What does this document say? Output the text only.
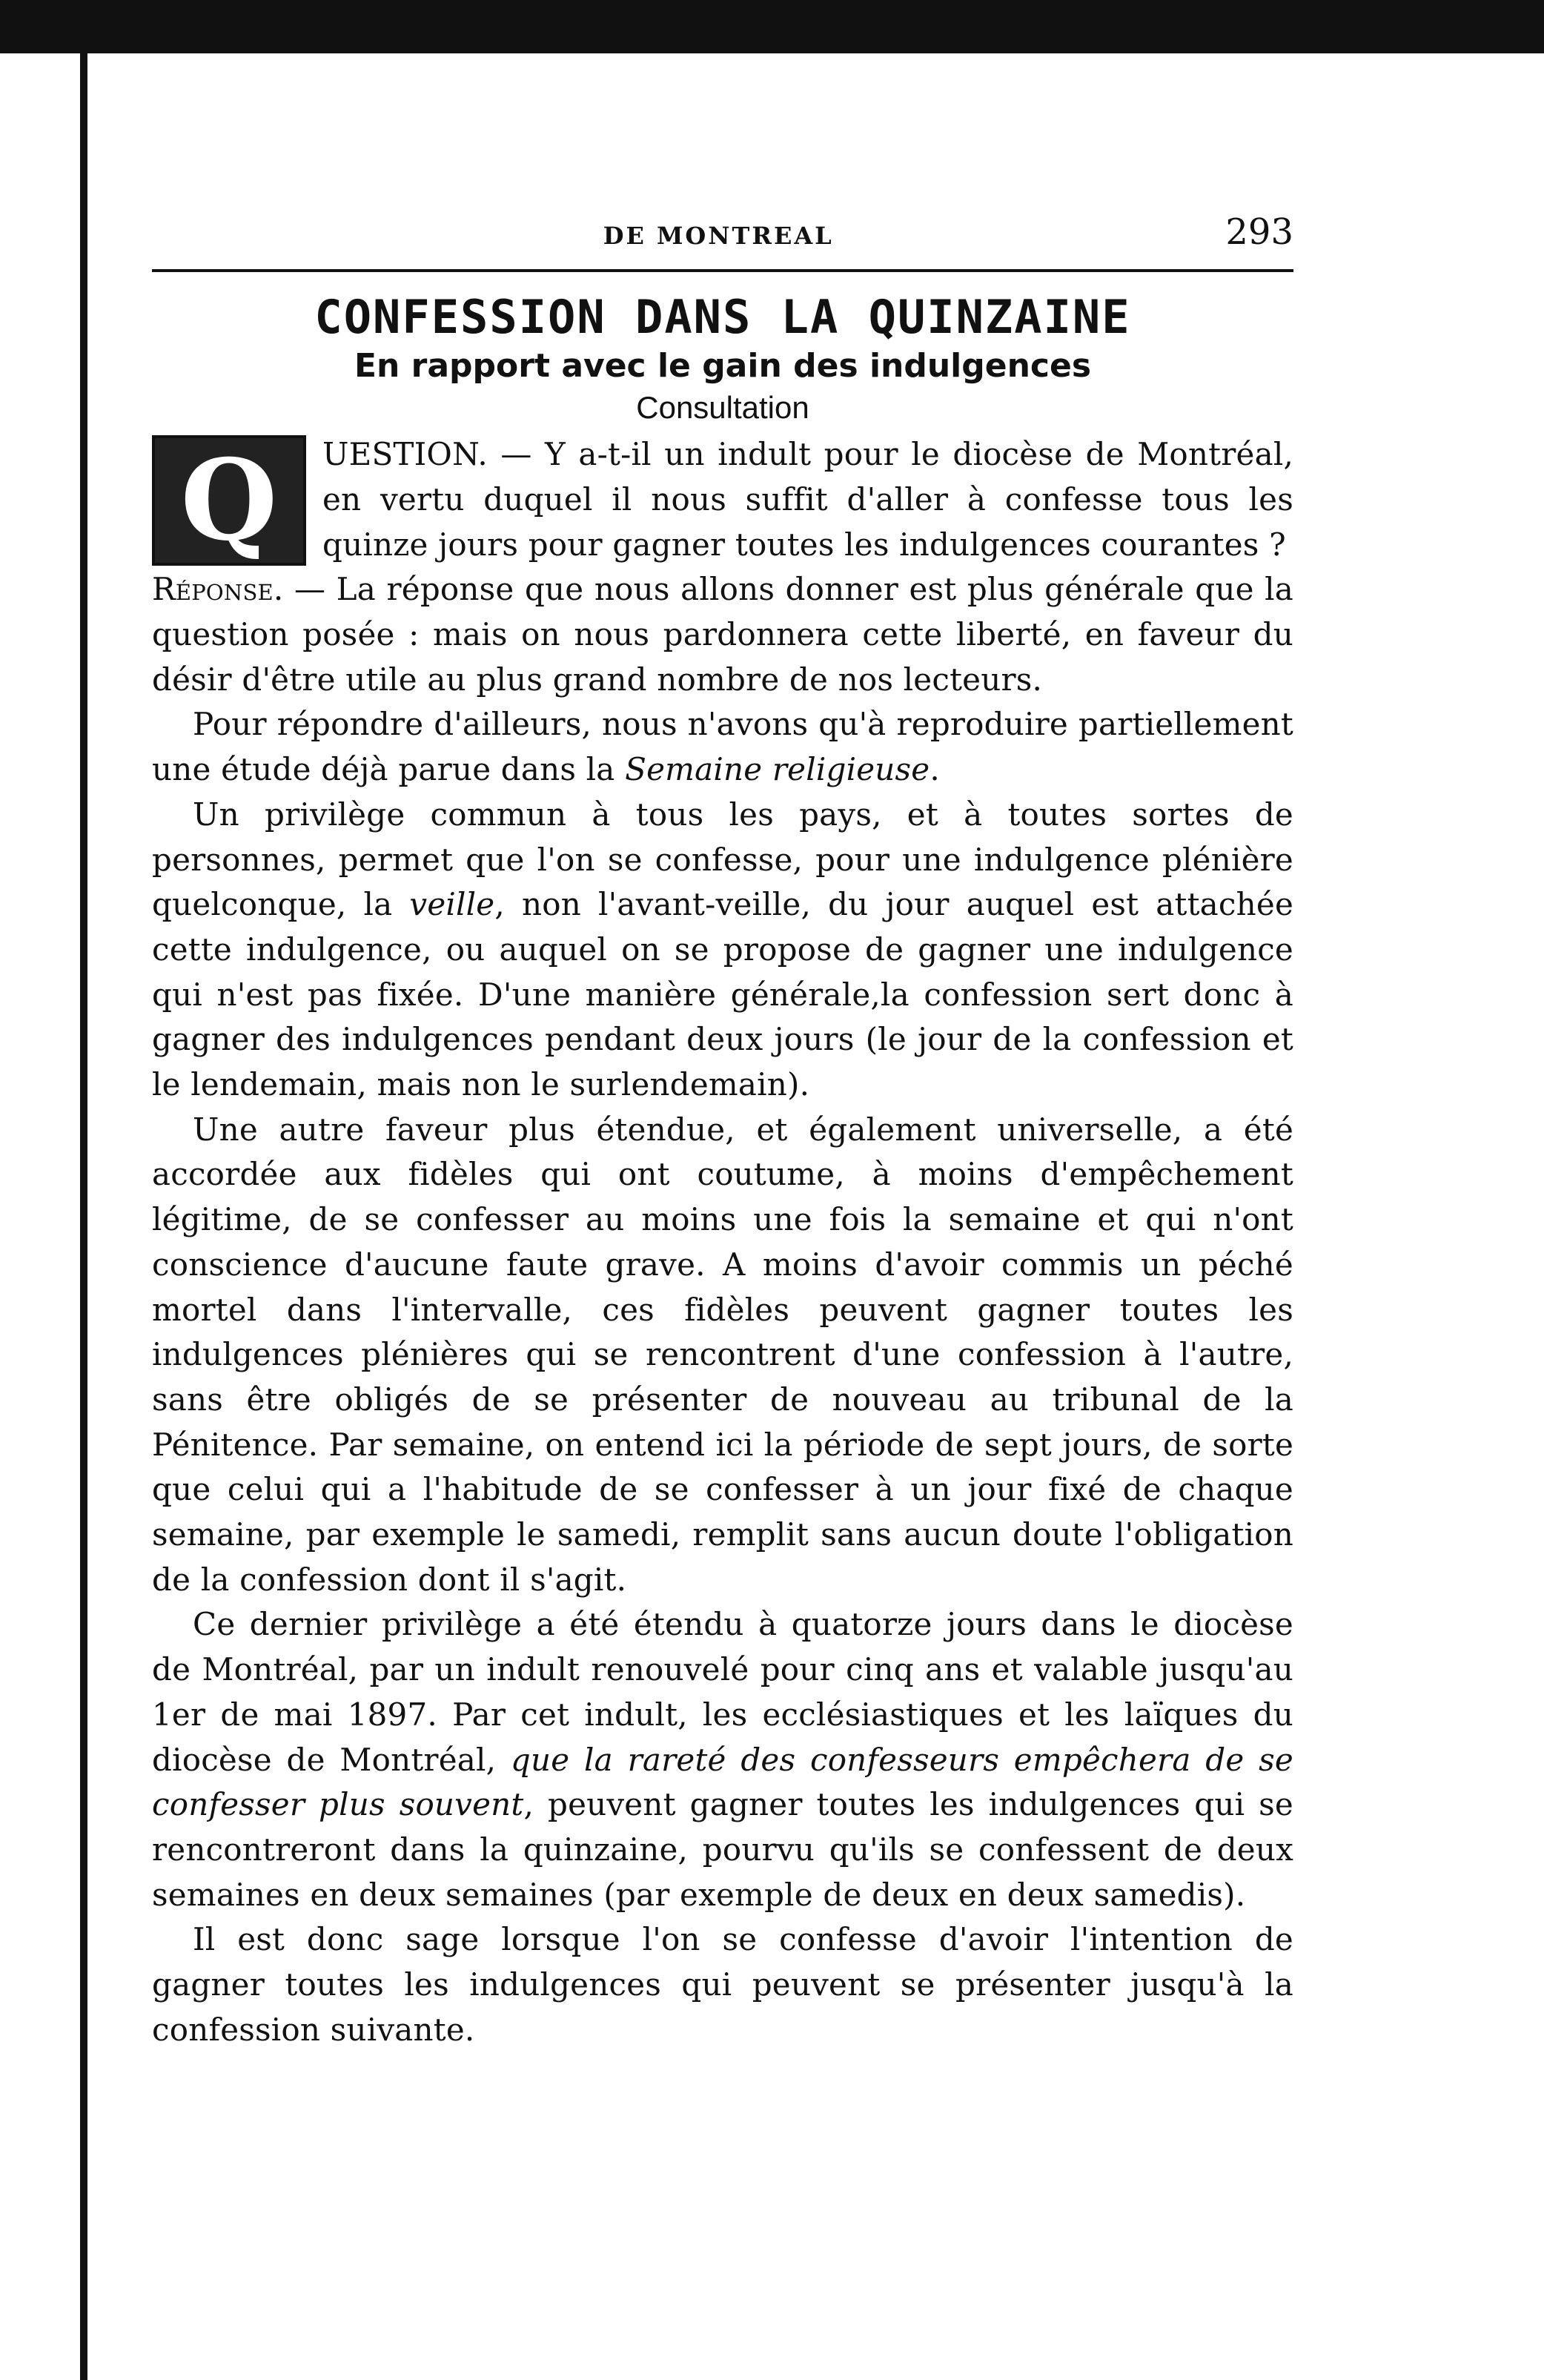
DE MONTREAL	293
CONFESSION DANS LA QUINZAINE
En rapport avec le gain des indulgences
Consultation

Q	UESTION. — Y a-t-il un indult pour le diocèse de Montréal, en vertu duquel il nous suffit d'aller à confesse tous les quinze jours pour gagner toutes les indulgences courantes ?

Réponse. — La réponse que nous allons donner est plus générale que la question posée : mais on nous pardonnera cette liberté, en faveur du désir d'être utile au plus grand nombre de nos lecteurs.

Pour répondre d'ailleurs, nous n'avons qu'à reproduire partiellement une étude déjà parue dans la Semaine religieuse.

Un privilège commun à tous les pays, et à toutes sortes de personnes, permet que l'on se confesse, pour une indulgence plénière quelconque, la veille, non l'avant-veille, du jour auquel est attachée cette indulgence, ou auquel on se propose de gagner une indulgence qui n'est pas fixée. D'une manière générale,la confession sert donc à gagner des indulgences pendant deux jours (le jour de la confession et le lendemain, mais non le surlendemain).

Une autre faveur plus étendue, et également universelle, a été accordée aux fidèles qui ont coutume, à moins d'empêchement légitime, de se confesser au moins une fois la semaine et qui n'ont conscience d'aucune faute grave. A moins d'avoir commis un péché mortel dans l'intervalle, ces fidèles peuvent gagner toutes les indulgences plénières qui se rencontrent d'une confession à l'autre, sans être obligés de se présenter de nouveau au tribunal de la Pénitence. Par semaine, on entend ici la période de sept jours, de sorte que celui qui a l'habitude de se confesser à un jour fixé de chaque semaine, par exemple le samedi, remplit sans aucun doute l'obligation de la confession dont il s'agit.

Ce dernier privilège a été étendu à quatorze jours dans le diocèse de Montréal, par un indult renouvelé pour cinq ans et valable jusqu'au 1er de mai 1897. Par cet indult, les ecclésiastiques et les laïques du diocèse de Montréal, que la rareté des confesseurs empêchera de se confesser plus souvent, peuvent gagner toutes les indulgences qui se rencontreront dans la quinzaine, pourvu qu'ils se confessent de deux semaines en deux semaines (par exemple de deux en deux samedis).

Il est donc sage lorsque l'on se confesse d'avoir l'intention de gagner toutes les indulgences qui peuvent se présenter jusqu'à la confession suivante.
